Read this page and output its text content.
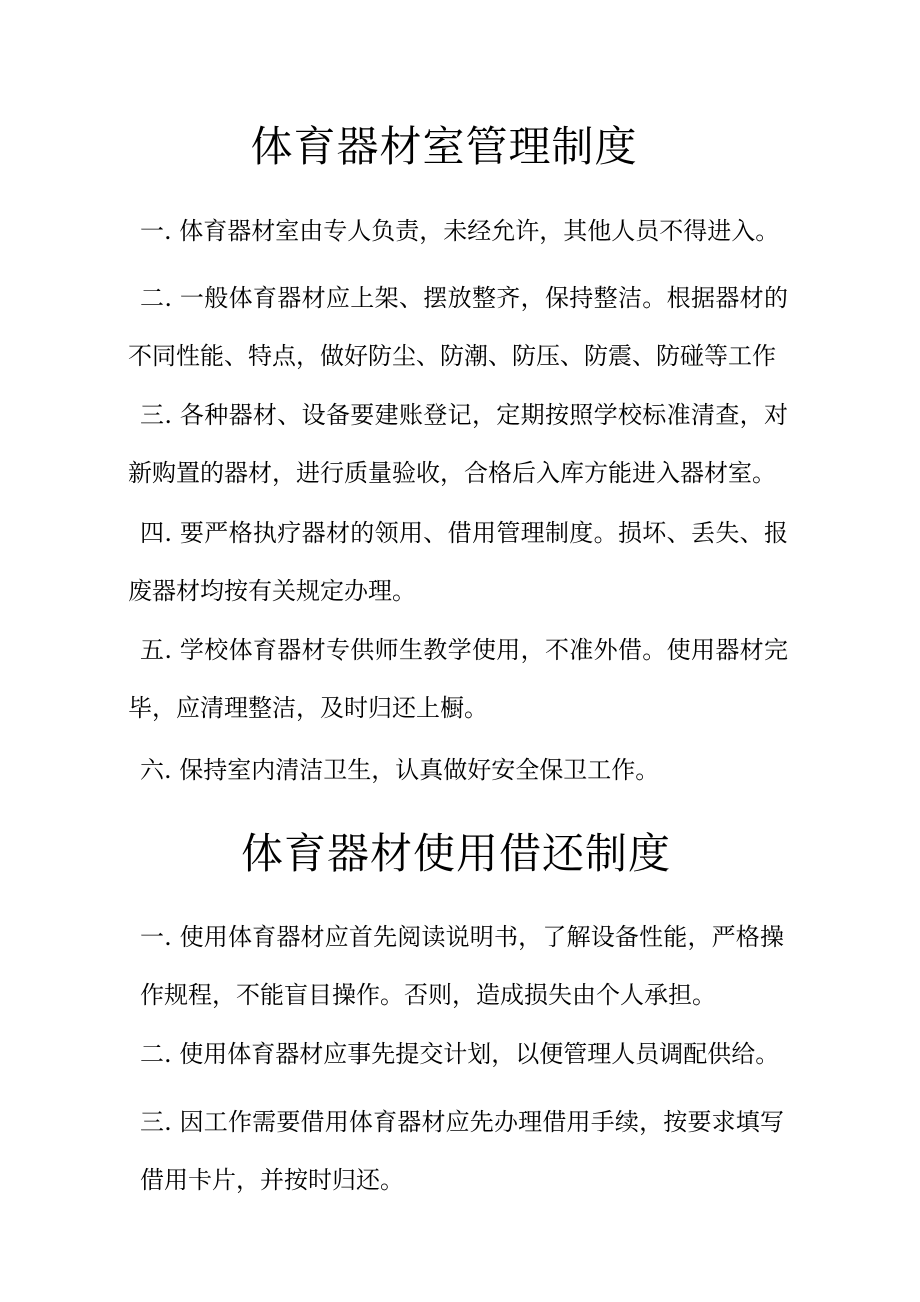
体育器材室管理制度

一. 体育器材室由专人负责，未经允许，其他人员不得进入。

二. 一般体育器材应上架、摆放整齐，保持整洁。根据器材的不同性能、特点，做好防尘、防潮、防压、防震、防碰等工作

三. 各种器材、设备要建账登记，定期按照学校标准清查，对新购置的器材，进行质量验收，合格后入库方能进入器材室。

四. 要严格执疗器材的领用、借用管理制度。损坏、丢失、报废器材均按有关规定办理。

五. 学校体育器材专供师生教学使用，不准外借。使用器材完毕，应清理整洁，及时归还上橱。

六. 保持室内清洁卫生，认真做好安全保卫工作。

体育器材使用借还制度

一. 使用体育器材应首先阅读说明书，了解设备性能，严格操作规程，不能盲目操作。否则，造成损失由个人承担。

二. 使用体育器材应事先提交计划，以便管理人员调配供给。

三. 因工作需要借用体育器材应先办理借用手续，按要求填写借用卡片，并按时归还。
